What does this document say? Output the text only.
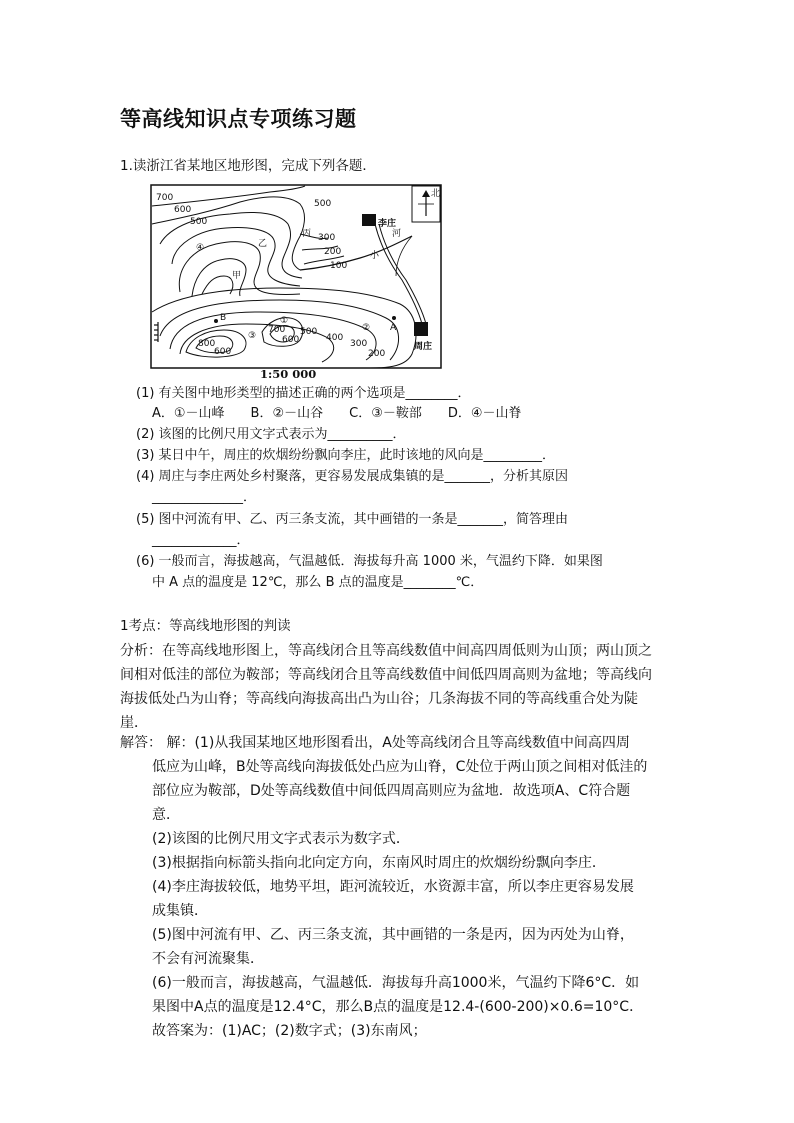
等高线知识点专项练习题
1.读浙江省某地区地形图，完成下列各题．
北
李庄
周庄
小
河
甲
乙
丙
A
B	①
②
③
④
700
600
500
500
300
200
100
800
600
700
600
500
400
300
200
1:50 000
(1) 有关图中地形类型的描述正确的两个选项是________．
A．①－山峰　　B．②－山谷　　C．③－鞍部　　D．④－山脊
(2) 该图的比例尺用文字式表示为__________．
(3) 某日中午，周庄的炊烟纷纷飘向李庄，此时该地的风向是_________．
(4) 周庄与李庄两处乡村聚落，更容易发展成集镇的是_______，分析其原因
______________．
(5) 图中河流有甲、乙、丙三条支流，其中画错的一条是_______，简答理由
_____________．
(6) 一般而言，海拔越高，气温越低．海拔每升高 1000 米，气温约下降．如果图
中 A 点的温度是 12℃，那么 B 点的温度是________℃．
1考点：等高线地形图的判读
分析：在等高线地形图上，等高线闭合且等高线数值中间高四周低则为山顶；两山顶之
间相对低洼的部位为鞍部；等高线闭合且等高线数值中间低四周高则为盆地；等高线向
海拔低处凸为山脊；等高线向海拔高出凸为山谷；几条海拔不同的等高线重合处为陡
崖．
解答： 解：(1)从我国某地区地形图看出，A处等高线闭合且等高线数值中间高四周
低应为山峰，B处等高线向海拔低处凸应为山脊，C处位于两山顶之间相对低洼的
部位应为鞍部，D处等高线数值中间低四周高则应为盆地．故选项A、C符合题
意．
(2)该图的比例尺用文字式表示为数字式．
(3)根据指向标箭头指向北向定方向，东南风时周庄的炊烟纷纷飘向李庄．
(4)李庄海拔较低，地势平坦，距河流较近，水资源丰富，所以李庄更容易发展
成集镇．
(5)图中河流有甲、乙、丙三条支流，其中画错的一条是丙，因为丙处为山脊，
不会有河流聚集．
(6)一般而言，海拔越高，气温越低．海拔每升高1000米，气温约下降6°C．如
果图中A点的温度是12.4°C，那么B点的温度是12.4-(600-200)×0.6=10°C．
故答案为：(1)AC；(2)数字式；(3)东南风；
